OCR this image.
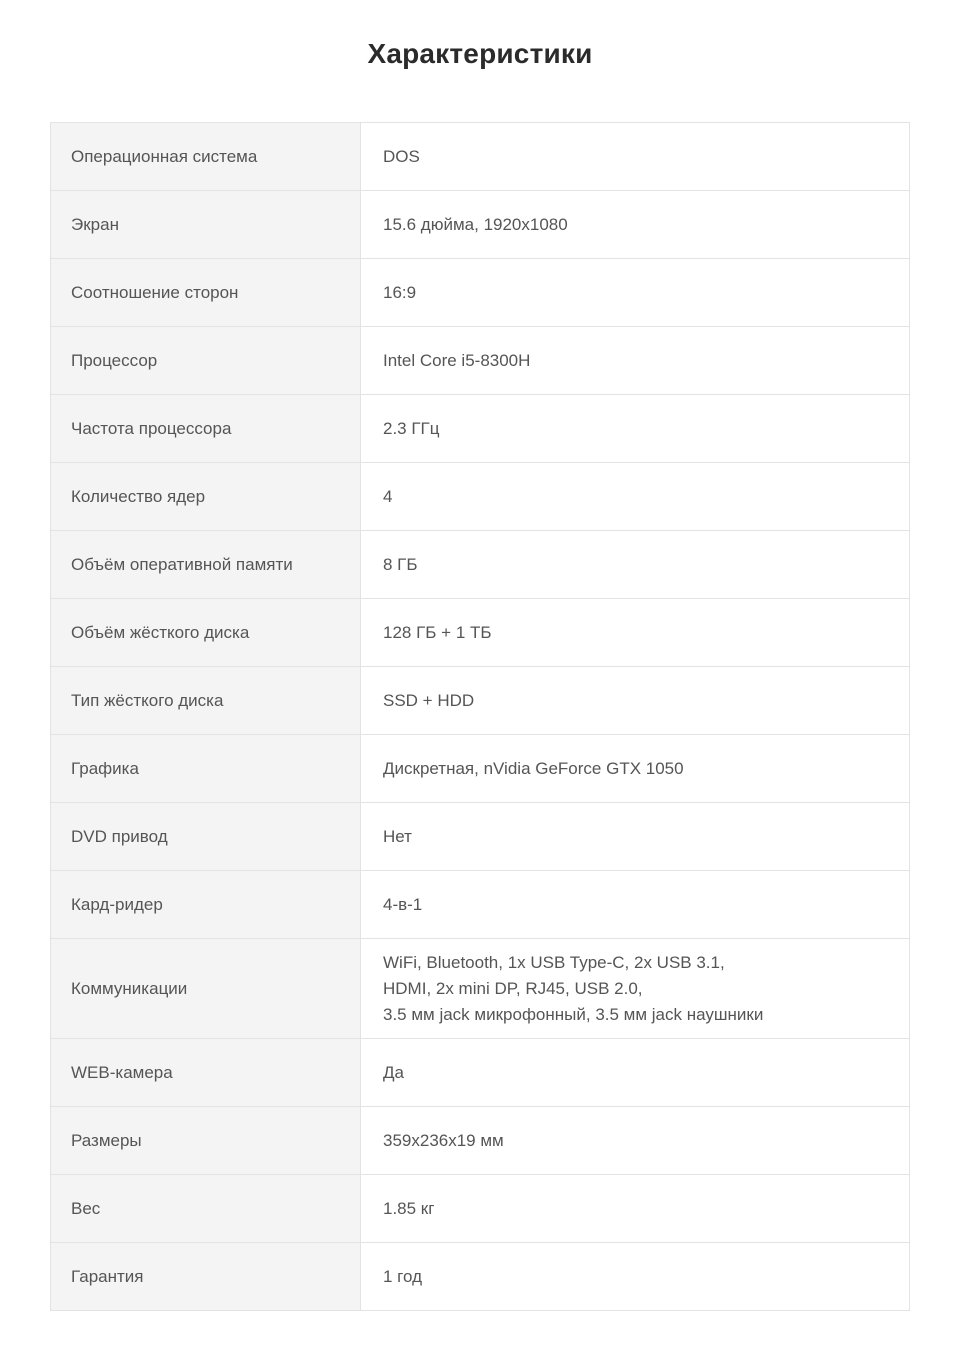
Характеристики
Операционная система	DOS
Экран	15.6 дюйма, 1920x1080
Соотношение сторон	16:9
Процессор	Intel Core i5-8300H
Частота процессора	2.3 ГГц
Количество ядер	4
Объём оперативной памяти	8 ГБ
Объём жёсткого диска	128 ГБ + 1 ТБ
Тип жёсткого диска	SSD + HDD
Графика	Дискретная, nVidia GeForce GTX 1050
DVD привод	Нет
Кард-ридер	4-в-1
Коммуникации	WiFi, Bluetooth, 1x USB Type-C, 2x USB 3.1,
HDMI, 2x mini DP, RJ45, USB 2.0,
3.5 мм jack микрофонный, 3.5 мм jack наушники

WEB-камера	Да
Размеры	359x236x19 мм
Вес	1.85 кг
Гарантия	1 год
